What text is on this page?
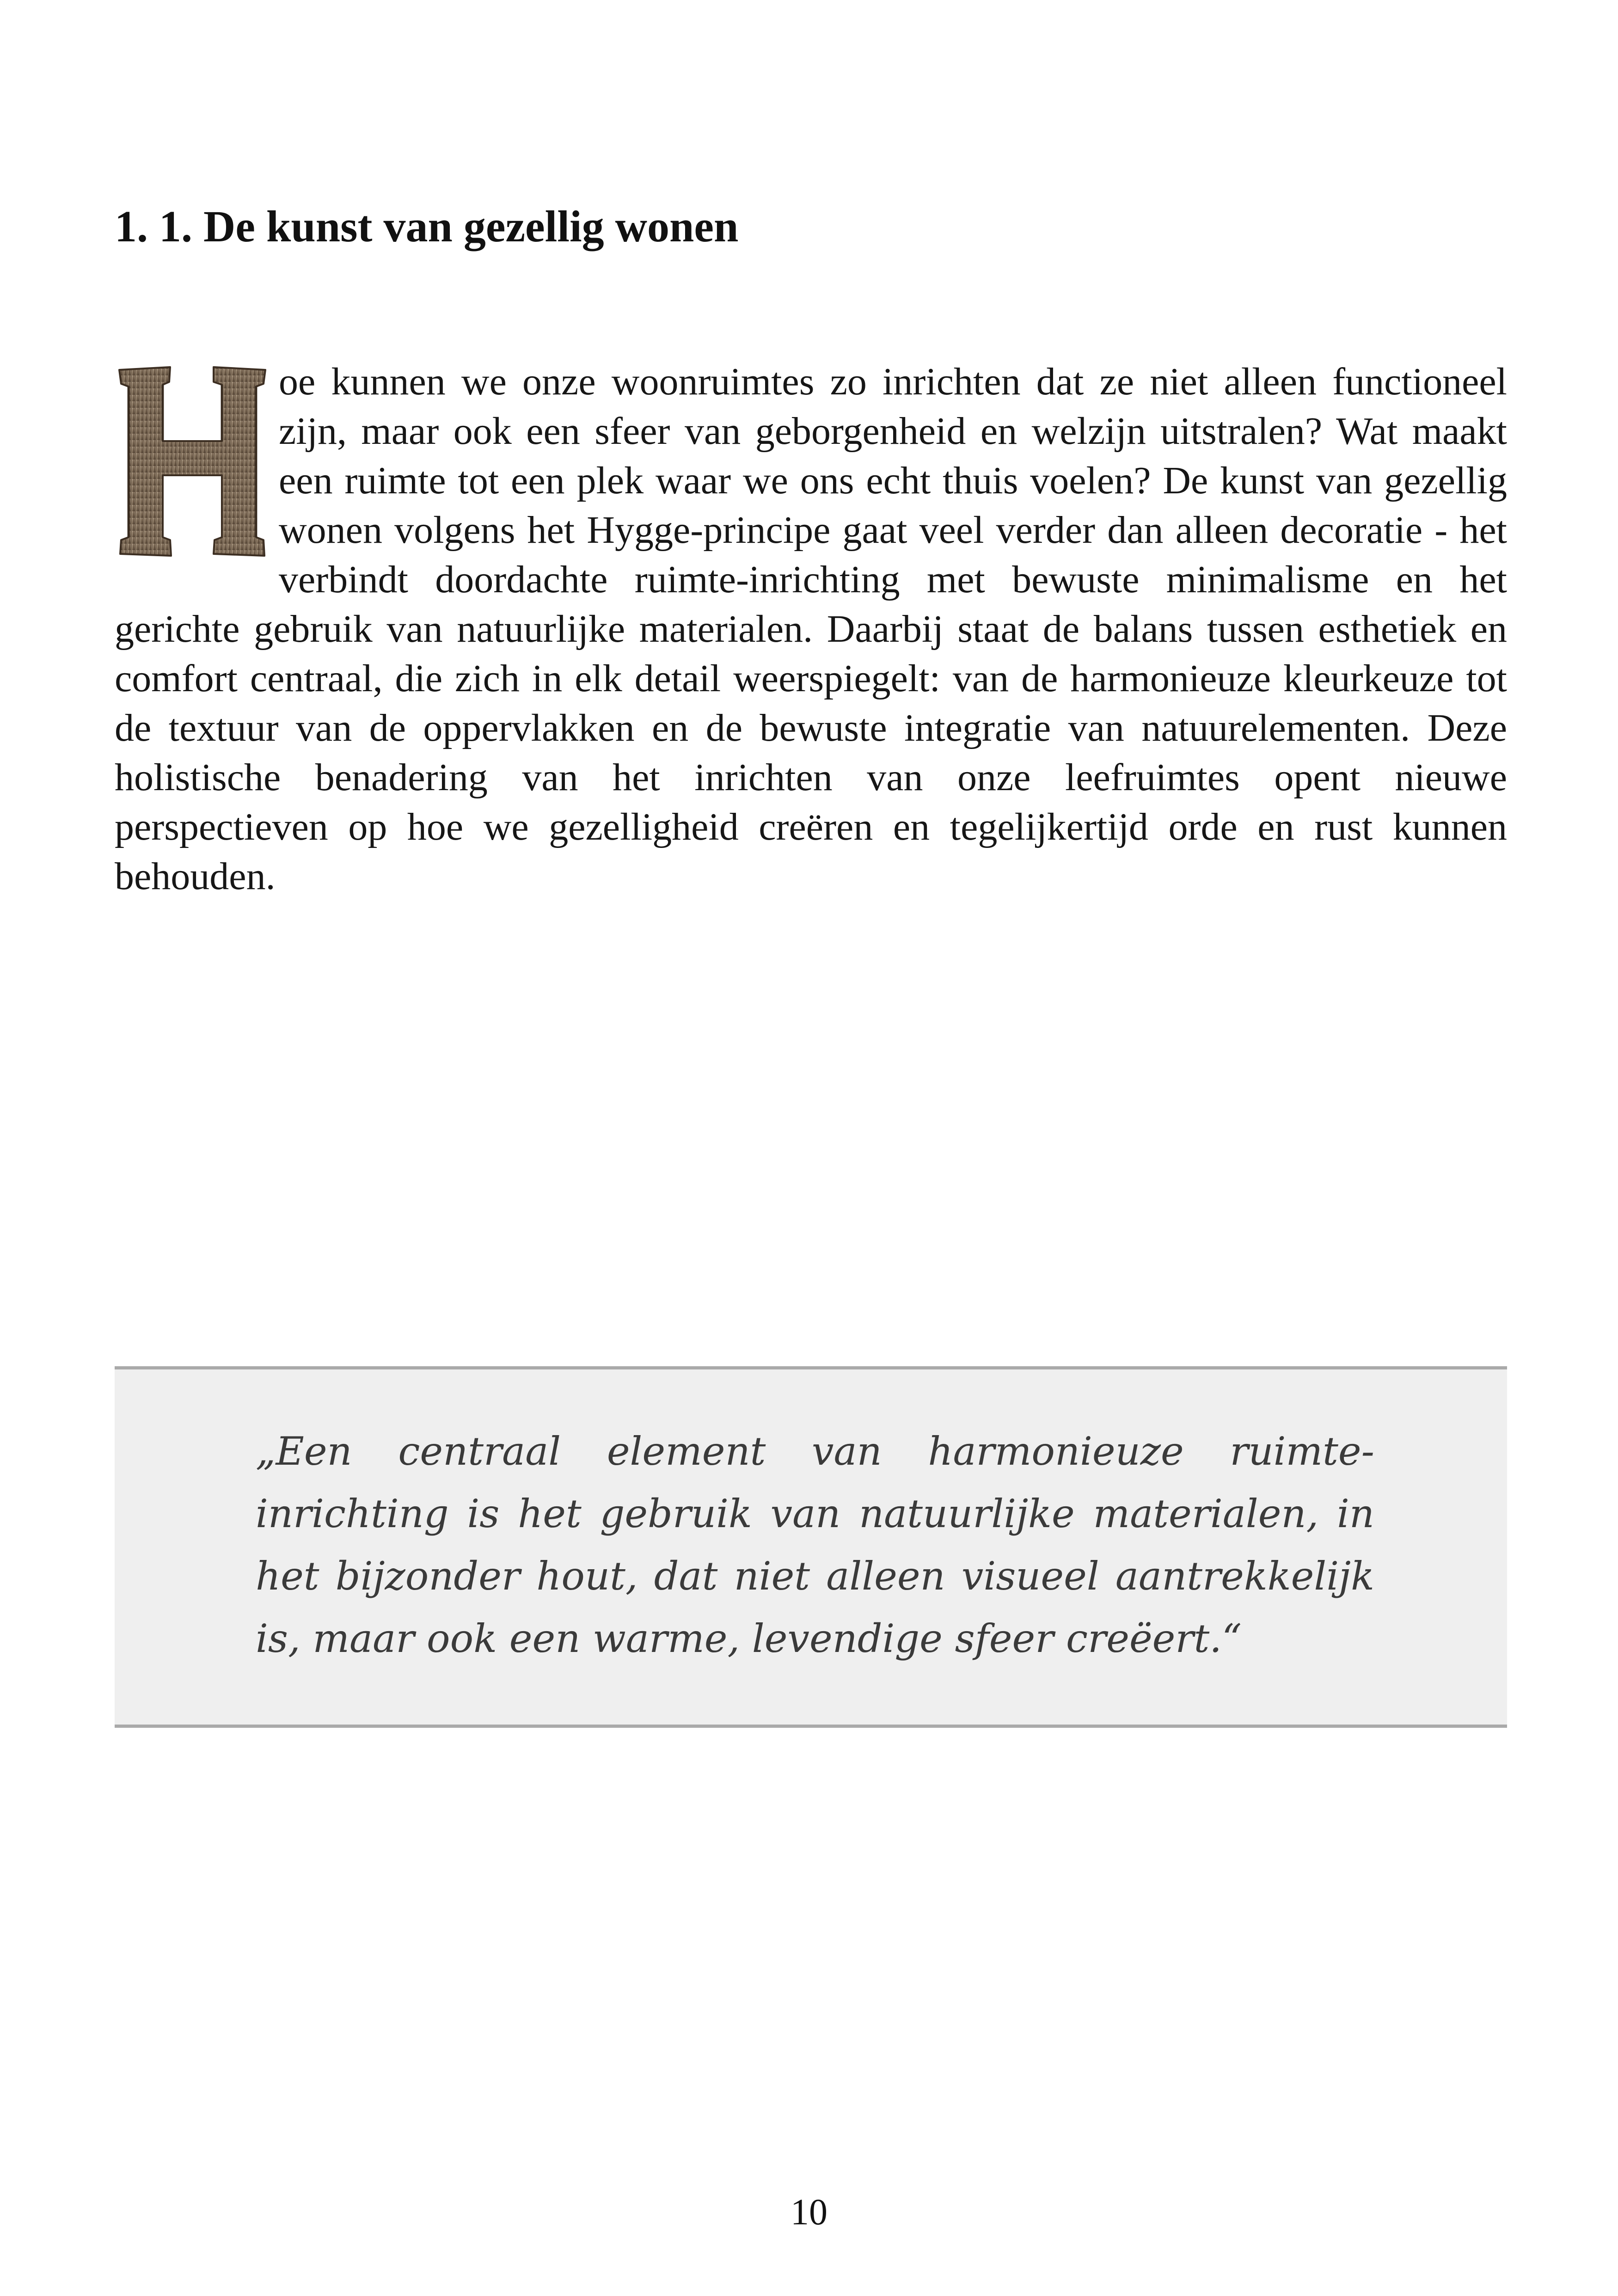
1. 1. De kunst van gezellig wonen

oe kunnen we onze woonruimtes zo inrichten dat ze niet alleen functioneel zijn, maar ook een sfeer van geborgenheid en welzijn uitstralen? Wat maakt een ruimte tot een plek waar we ons echt thuis voelen? De kunst van gezellig wonen volgens het Hygge-principe gaat veel verder dan alleen decoratie - het verbindt doordachte ruimte-inrichting met bewuste minimalisme en het gerichte gebruik van natuurlijke materialen. Daarbij staat de balans tussen esthetiek en comfort centraal, die zich in elk detail weerspiegelt: van de harmonieuze kleurkeuze tot de textuur van de oppervlakken en de bewuste integratie van natuurelementen. Deze holistische benadering van het inrichten van onze leefruimtes opent nieuwe perspectieven op hoe we gezelligheid creëren en tegelijkertijd orde en rust kunnen behouden.

„Een centraal element van harmonieuze ruimte-inrichting is het gebruik van natuurlijke materialen, in het bijzonder hout, dat niet alleen visueel aantrekkelijk is, maar ook een warme, levendige sfeer creëert.“

10
